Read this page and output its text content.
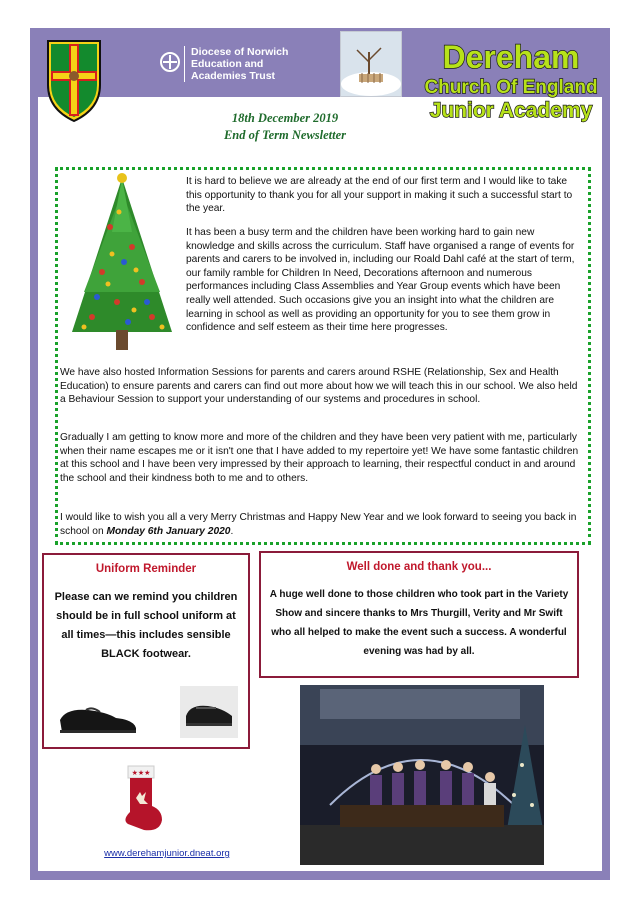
Diocese of Norwich
Education and
Academies Trust
Dereham
Church Of England
Junior Academy
18th December 2019
End of Term Newsletter

It is hard to believe we are already at the end of our first term and I would like to take this opportunity to thank you for all your support in making it such a successful start to the year.

It has been a busy term and the children have been working hard to gain new knowledge and skills across the curriculum. Staff have organised a range of events for parents and carers to be involved in, including our Roald Dahl café at the start of term, our family ramble for Children In Need, Decorations afternoon and numerous performances including Class Assemblies and Year Group events which have been really well attended. Such occasions give you an insight into what the children are learning in school as well as providing an opportunity for you to see them grow in confidence and self esteem as their time here progresses.

We have also hosted Information Sessions for parents and carers around RSHE (Relationship, Sex and Health Education) to ensure parents and carers can find out more about how we will teach this in our school. We also held a Behaviour Session to support your understanding of our systems and procedures in school.

Gradually I am getting to know more and more of the children and they have been very patient with me, particularly when their name escapes me or it isn't one that I have added to my repertoire yet! We have some fantastic children at this school and I have been very impressed by their approach to learning, their respectful conduct in and around the school and their kindness both to me and to others.

I would like to wish you all a very Merry Christmas and Happy New Year and we look forward to seeing you back in school on Monday 6th January 2020.

Uniform Reminder
Please can we remind you children should be in full school uniform at all times—this includes sensible BLACK footwear.
Well done and thank you...
A huge well done to those children who took part in the Variety Show and sincere thanks to Mrs Thurgill, Verity and Mr Swift who all helped to make the event such a success. A wonderful evening was had by all.
★★★
www.derehamjunior.dneat.org
